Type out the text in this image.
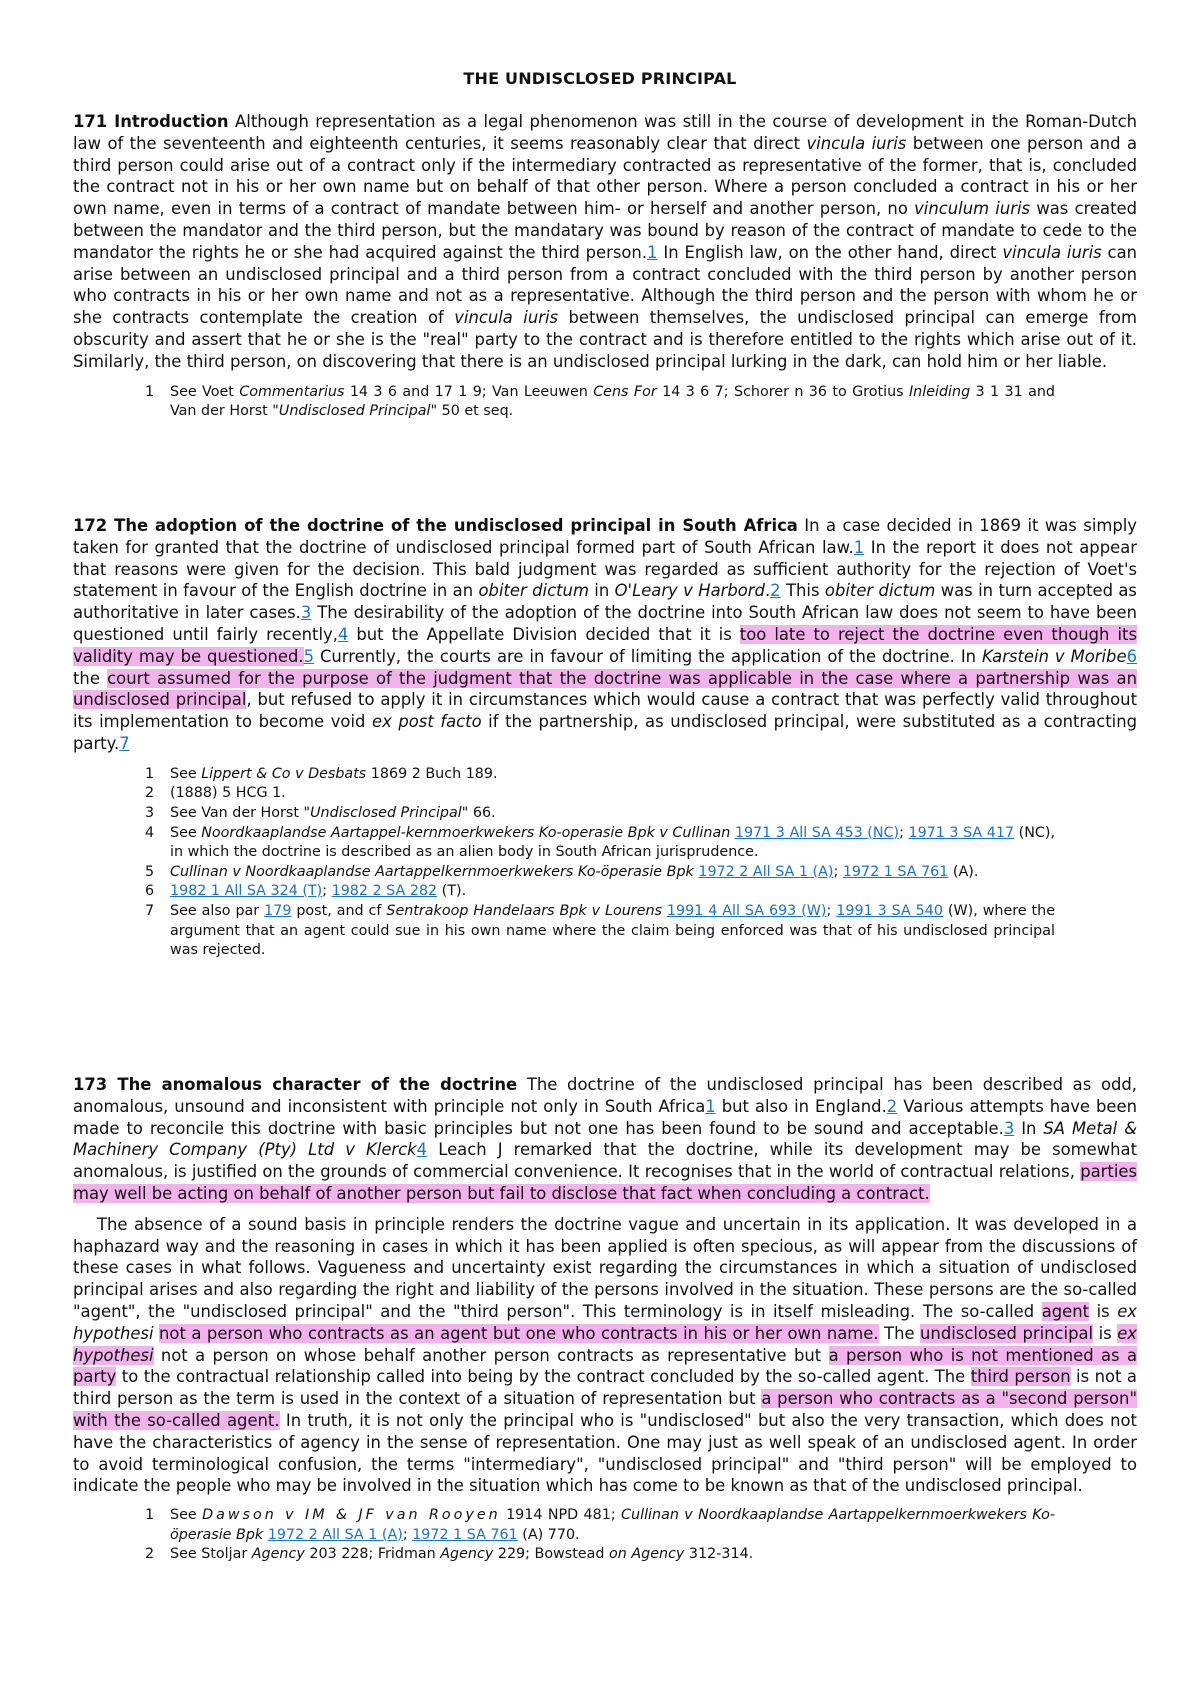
THE UNDISCLOSED PRINCIPAL

171 Introduction Although representation as a legal phenomenon was still in the course of development in the Roman-Dutch law of the seventeenth and eighteenth centuries, it seems reasonably clear that direct vincula iuris between one person and a third person could arise out of a contract only if the intermediary contracted as representative of the former, that is, concluded the contract not in his or her own name but on behalf of that other person. Where a person concluded a contract in his or her own name, even in terms of a contract of mandate between him- or herself and another person, no vinculum iuris was created between the mandator and the third person, but the mandatary was bound by reason of the contract of mandate to cede to the mandator the rights he or she had acquired against the third person.1 In English law, on the other hand, direct vincula iuris can arise between an undisclosed principal and a third person from a contract concluded with the third person by another person who contracts in his or her own name and not as a representative. Although the third person and the person with whom he or she contracts contemplate the creation of vincula iuris between themselves, the undisclosed principal can emerge from obscurity and assert that he or she is the "real" party to the contract and is therefore entitled to the rights which arise out of it. Similarly, the third person, on discovering that there is an undisclosed principal lurking in the dark, can hold him or her liable.

1 See Voet Commentarius 14 3 6 and 17 1 9; Van Leeuwen Cens For 14 3 6 7; Schorer n 36 to Grotius Inleiding 3 1 31 and Van der Horst "Undisclosed Principal" 50 et seq.

172 The adoption of the doctrine of the undisclosed principal in South Africa In a case decided in 1869 it was simply taken for granted that the doctrine of undisclosed principal formed part of South African law.1 In the report it does not appear that reasons were given for the decision. This bald judgment was regarded as sufficient authority for the rejection of Voet's statement in favour of the English doctrine in an obiter dictum in O'Leary v Harbord.2 This obiter dictum was in turn accepted as authoritative in later cases.3 The desirability of the adoption of the doctrine into South African law does not seem to have been questioned until fairly recently,4 but the Appellate Division decided that it is too late to reject the doctrine even though its validity may be questioned.5 Currently, the courts are in favour of limiting the application of the doctrine. In Karstein v Moribe6 the court assumed for the purpose of the judgment that the doctrine was applicable in the case where a partnership was an undisclosed principal, but refused to apply it in circumstances which would cause a contract that was perfectly valid throughout its implementation to become void ex post facto if the partnership, as undisclosed principal, were substituted as a contracting party.7

1 See Lippert & Co v Desbats 1869 2 Buch 189.
2 (1888) 5 HCG 1.
3 See Van der Horst "Undisclosed Principal" 66.
4 See Noordkaaplandse Aartappel-kernmoerkwekers Ko-operasie Bpk v Cullinan 1971 3 All SA 453 (NC); 1971 3 SA 417 (NC), in which the doctrine is described as an alien body in South African jurisprudence.
5 Cullinan v Noordkaaplandse Aartappelkernmoerkwekers Ko-öperasie Bpk 1972 2 All SA 1 (A); 1972 1 SA 761 (A).
6 1982 1 All SA 324 (T); 1982 2 SA 282 (T).
7 See also par 179 post, and cf Sentrakoop Handelaars Bpk v Lourens 1991 4 All SA 693 (W); 1991 3 SA 540 (W), where the argument that an agent could sue in his own name where the claim being enforced was that of his undisclosed principal was rejected.

173 The anomalous character of the doctrine The doctrine of the undisclosed principal has been described as odd, anomalous, unsound and inconsistent with principle not only in South Africa1 but also in England.2 Various attempts have been made to reconcile this doctrine with basic principles but not one has been found to be sound and acceptable.3 In SA Metal & Machinery Company (Pty) Ltd v Klerck4 Leach J remarked that the doctrine, while its development may be somewhat anomalous, is justified on the grounds of commercial convenience. It recognises that in the world of contractual relations, parties may well be acting on behalf of another person but fail to disclose that fact when concluding a contract.

The absence of a sound basis in principle renders the doctrine vague and uncertain in its application. It was developed in a haphazard way and the reasoning in cases in which it has been applied is often specious, as will appear from the discussions of these cases in what follows. Vagueness and uncertainty exist regarding the circumstances in which a situation of undisclosed principal arises and also regarding the right and liability of the persons involved in the situation. These persons are the so-called "agent", the "undisclosed principal" and the "third person". This terminology is in itself misleading. The so-called agent is ex hypothesi not a person who contracts as an agent but one who contracts in his or her own name. The undisclosed principal is ex hypothesi not a person on whose behalf another person contracts as representative but a person who is not mentioned as a party to the contractual relationship called into being by the contract concluded by the so-called agent. The third person is not a third person as the term is used in the context of a situation of representation but a person who contracts as a "second person" with the so-called agent. In truth, it is not only the principal who is "undisclosed" but also the very transaction, which does not have the characteristics of agency in the sense of representation. One may just as well speak of an undisclosed agent. In order to avoid terminological confusion, the terms "intermediary", "undisclosed principal" and "third person" will be employed to indicate the people who may be involved in the situation which has come to be known as that of the undisclosed principal.

1 See Dawson v IM & JF van Rooyen 1914 NPD 481; Cullinan v Noordkaaplandse Aartappelkernmoerkwekers Ko-öperasie Bpk 1972 2 All SA 1 (A); 1972 1 SA 761 (A) 770.
2 See Stoljar Agency 203 228; Fridman Agency 229; Bowstead on Agency 312-314.
